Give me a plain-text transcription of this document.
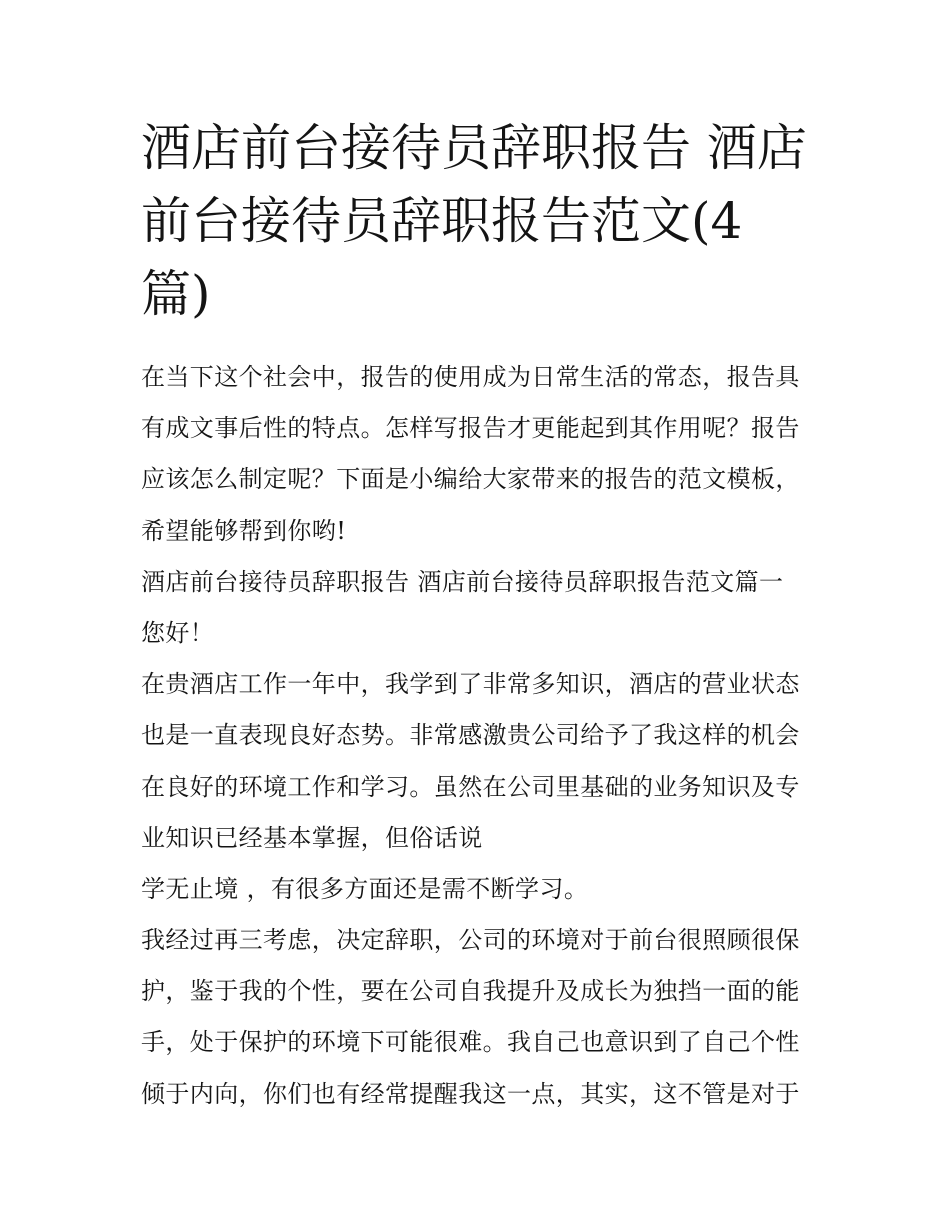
酒店前台接待员辞职报告 酒店
前台接待员辞职报告范文(4
篇)
在当下这个社会中，报告的使用成为日常生活的常态，报告具
有成文事后性的特点。怎样写报告才更能起到其作用呢？报告
应该怎么制定呢？下面是小编给大家带来的报告的范文模板，
希望能够帮到你哟!
酒店前台接待员辞职报告 酒店前台接待员辞职报告范文篇一
您好！
在贵酒店工作一年中，我学到了非常多知识，酒店的营业状态
也是一直表现良好态势。非常感激贵公司给予了我这样的机会
在良好的环境工作和学习。虽然在公司里基础的业务知识及专
业知识已经基本掌握，但俗话说
学无止境 ，有很多方面还是需不断学习。
我经过再三考虑，决定辞职，公司的环境对于前台很照顾很保
护，鉴于我的个性，要在公司自我提升及成长为独挡一面的能
手，处于保护的环境下可能很难。我自己也意识到了自己个性
倾于内向，你们也有经常提醒我这一点，其实，这不管是对于
